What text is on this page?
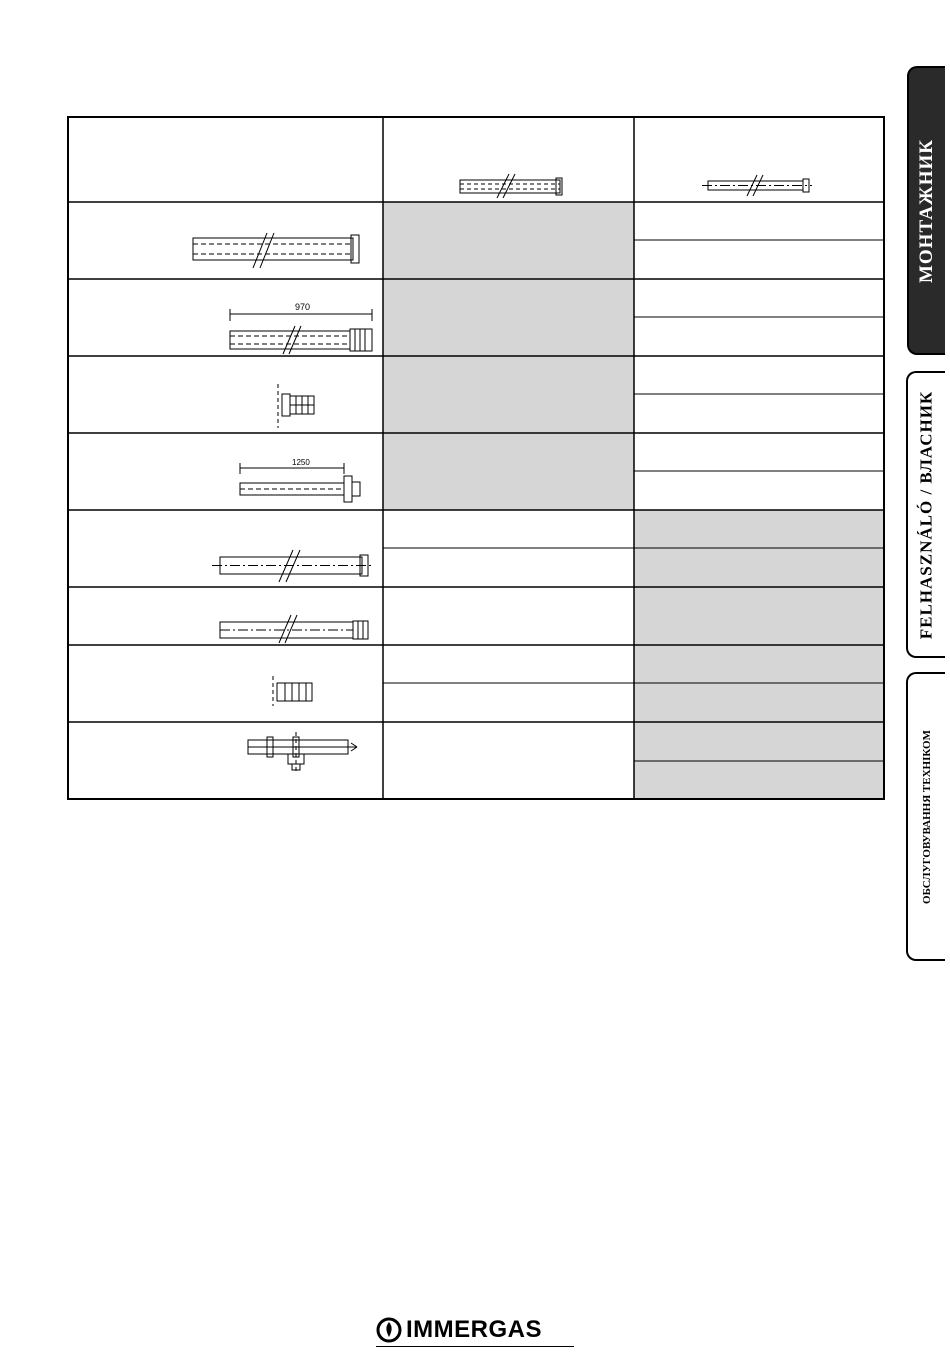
970
1250
МОНТАЖНИК
FELHASZNÁLÓ / ВЛАСНИК
ОБСЛУГОВУВАННЯ ТЕХНІКОМ
IMMERGAS
